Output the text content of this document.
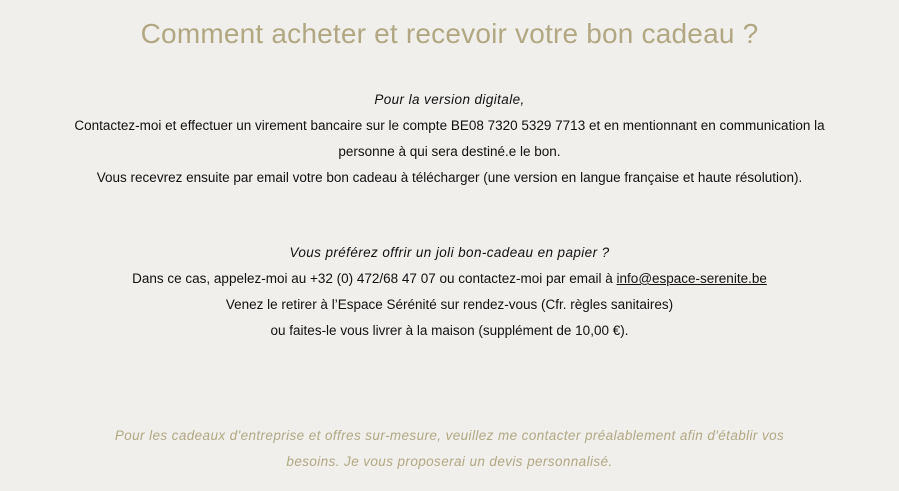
Comment acheter et recevoir votre bon cadeau ?

Pour la version digitale,

Contactez-moi et effectuer un virement bancaire sur le compte BE08 7320 5329 7713 et en mentionnant en communication la

personne à qui sera destiné.e le bon.

Vous recevrez ensuite par email votre bon cadeau à télécharger (une version en langue française et haute résolution).

Vous préférez offrir un joli bon-cadeau en papier ?

Dans ce cas, appelez-moi au +32 (0) 472/68 47 07 ou contactez-moi par email à info@espace-serenite.be

Venez le retirer à l’Espace Sérénité sur rendez-vous (Cfr. règles sanitaires)

ou faites-le vous livrer à la maison (supplément de 10,00 €).

Pour les cadeaux d'entreprise et offres sur-mesure, veuillez me contacter préalablement afin d'établir vos

besoins. Je vous proposerai un devis personnalisé.
